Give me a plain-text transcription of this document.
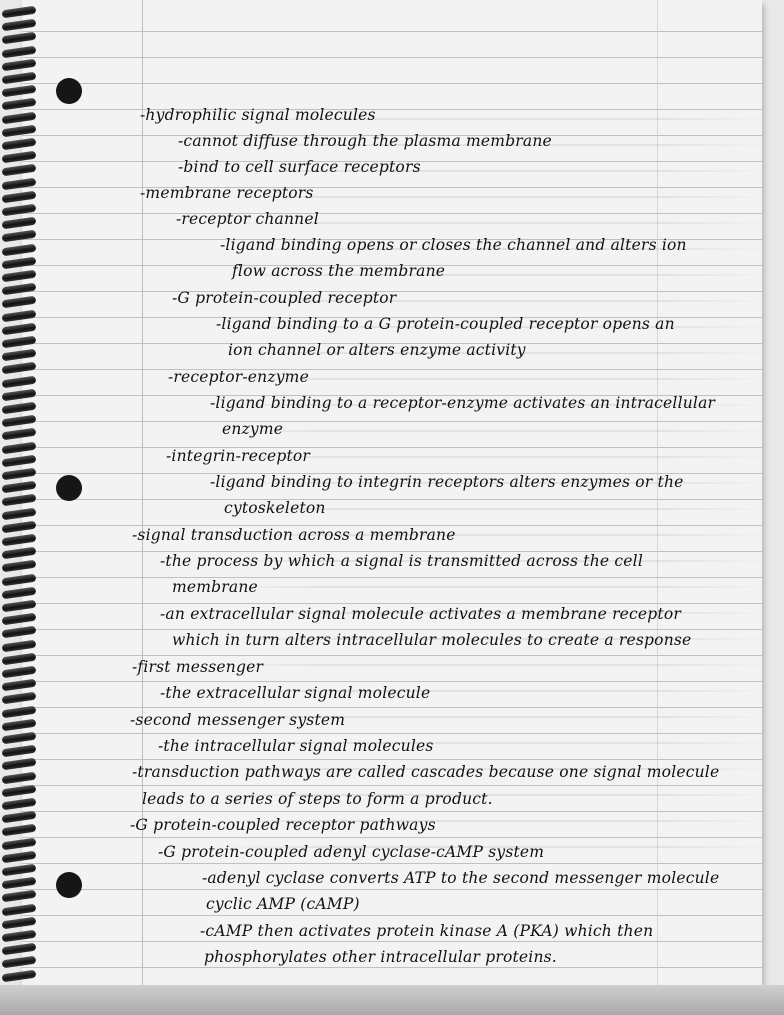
-hydrophilic signal molecules
-cannot diffuse through the plasma membrane
-bind to cell surface receptors
-membrane receptors
-receptor channel
-ligand binding opens or closes the channel and alters ion
flow across the membrane
-G protein-coupled receptor
-ligand binding to a G protein-coupled receptor opens an
ion channel or alters enzyme activity
-receptor-enzyme
-ligand binding to a receptor-enzyme activates an intracellular
enzyme
-integrin-receptor
-ligand binding to integrin receptors alters enzymes or the
cytoskeleton
-signal transduction across a membrane
-the process by which a signal is transmitted across the cell
membrane
-an extracellular signal molecule activates a membrane receptor
which in turn alters intracellular molecules to create a response
-first messenger
-the extracellular signal molecule
-second messenger system
-the intracellular signal molecules
-transduction pathways are called cascades because one signal molecule
leads to a series of steps to form a product.
-G protein-coupled receptor pathways
-G protein-coupled adenyl cyclase-cAMP system
-adenyl cyclase converts ATP to the second messenger molecule
cyclic AMP (cAMP)
-cAMP then activates protein kinase A (PKA) which then
phosphorylates other intracellular proteins.
